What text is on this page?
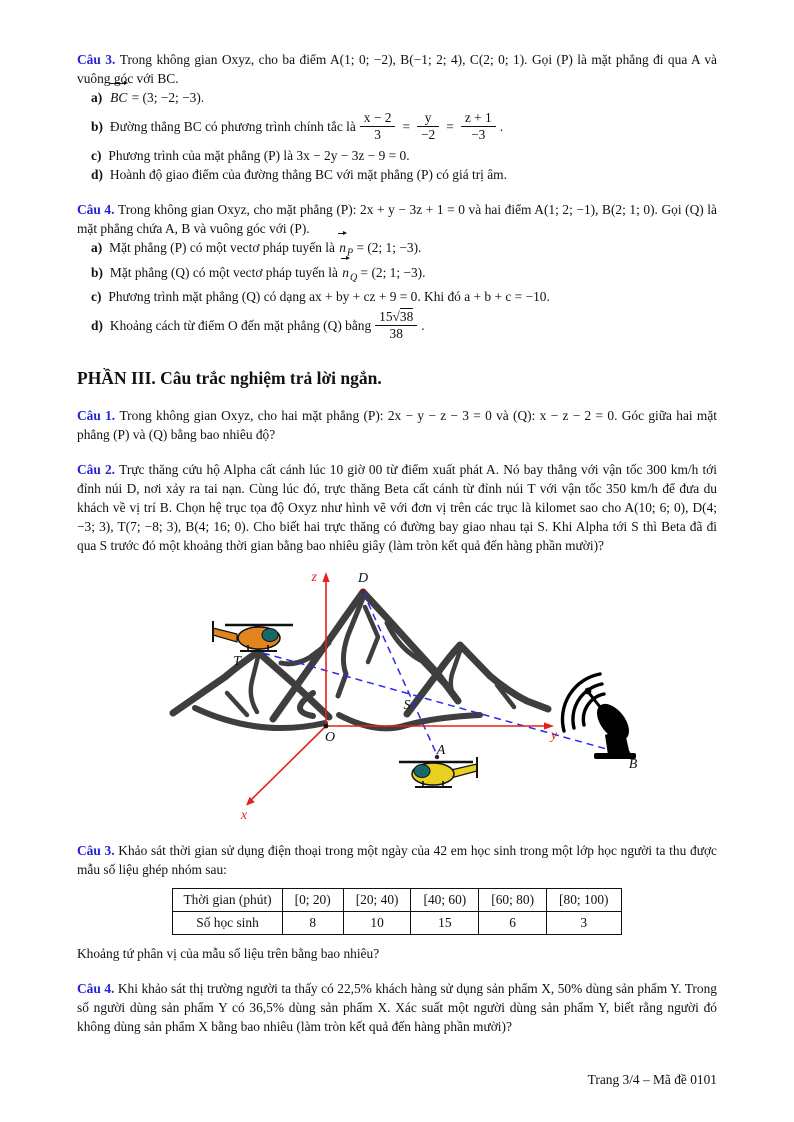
Câu 3. Trong không gian Oxyz, cho ba điểm A(1; 0; −2), B(−1; 2; 4), C(2; 0; 1). Gọi (P) là mặt phẳng đi qua A và vuông góc với BC.

a) BC = (3; −2; −3).

b) Đường thẳng BC có phương trình chính tắc là $\frac{x - 2}{3} = \frac{y}{-2} = \frac{z + 1}{-3}$ .

c) Phương trình của mặt phẳng (P) là 3x − 2y − 3z − 9 = 0.

d) Hoành độ giao điểm của đường thẳng BC với mặt phẳng (P) có giá trị âm.

Câu 4. Trong không gian Oxyz, cho mặt phẳng (P): 2x + y − 3z + 1 = 0 và hai điểm A(1; 2; −1), B(2; 1; 0). Gọi (Q) là mặt phẳng chứa A, B và vuông góc với (P).

a) Mặt phẳng (P) có một vectơ pháp tuyến là $n_P = (2$; 1; −3).

b) Mặt phẳng (Q) có một vectơ pháp tuyến là $n_Q = (2$; 1; −3).

c) Phương trình mặt phẳng (Q) có dạng ax + by + cz + 9 = 0. Khi đó a + b + c = −10.

d) Khoảng cách từ điểm O đến mặt phẳng (Q) bằng $\frac{15√38}{38}$ .

PHẦN III. Câu trắc nghiệm trả lời ngắn.

Câu 1. Trong không gian Oxyz, cho hai mặt phẳng (P): 2x − y − z − 3 = 0 và (Q): x − z − 2 = 0. Góc giữa hai mặt phẳng (P) và (Q) bằng bao nhiêu độ?

Câu 2. Trực thăng cứu hộ Alpha cất cánh lúc 10 giờ 00 từ điểm xuất phát A. Nó bay thẳng với vận tốc 300 km/h tới đỉnh núi D, nơi xảy ra tai nạn. Cùng lúc đó, trực thăng Beta cất cánh từ đỉnh núi T với vận tốc 350 km/h để đưa du khách về vị trí B. Chọn hệ trục tọa độ Oxyz như hình vẽ với đơn vị trên các trục là kilomet sao cho A(10; 6; 0), D(4; −3; 3), T(7; −8; 3), B(4; 16; 0). Cho biết hai trực thăng có đường bay giao nhau tại S. Khi Alpha tới S thì Beta đã đi qua S trước đó một khoảng thời gian bằng bao nhiêu giây (làm tròn kết quả đến hàng phần mười)?

z	D
T
S
O	y
A
B
x

Câu 3. Khảo sát thời gian sử dụng điện thoại trong một ngày của 42 em học sinh trong một lớp học người ta thu được mẫu số liệu ghép nhóm sau:

Thời gian (phút)	[0; 20)	[20; 40)	[40; 60)	[60; 80)	[80; 100)
Số học sinh	8	10	15	6	3

Khoảng tứ phân vị của mẫu số liệu trên bằng bao nhiêu?

Câu 4. Khi khảo sát thị trường người ta thấy có 22,5% khách hàng sử dụng sản phẩm X, 50% dùng sản phẩm Y. Trong số người dùng sản phẩm Y có 36,5% dùng sản phẩm X. Xác suất một người dùng sản phẩm Y, biết rằng người đó không dùng sản phẩm X bằng bao nhiêu (làm tròn kết quả đến hàng phần mười)?

Trang 3/4 – Mã đề 0101
